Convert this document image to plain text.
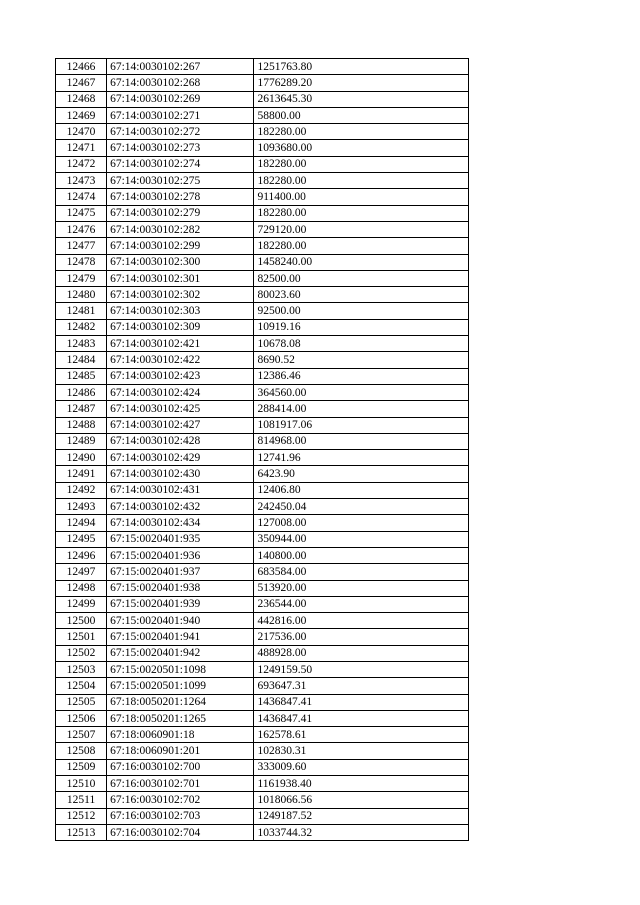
12466	67:14:0030102:267	1251763.80
12467	67:14:0030102:268	1776289.20
12468	67:14:0030102:269	2613645.30
12469	67:14:0030102:271	58800.00
12470	67:14:0030102:272	182280.00
12471	67:14:0030102:273	1093680.00
12472	67:14:0030102:274	182280.00
12473	67:14:0030102:275	182280.00
12474	67:14:0030102:278	911400.00
12475	67:14:0030102:279	182280.00
12476	67:14:0030102:282	729120.00
12477	67:14:0030102:299	182280.00
12478	67:14:0030102:300	1458240.00
12479	67:14:0030102:301	82500.00
12480	67:14:0030102:302	80023.60
12481	67:14:0030102:303	92500.00
12482	67:14:0030102:309	10919.16
12483	67:14:0030102:421	10678.08
12484	67:14:0030102:422	8690.52
12485	67:14:0030102:423	12386.46
12486	67:14:0030102:424	364560.00
12487	67:14:0030102:425	288414.00
12488	67:14:0030102:427	1081917.06
12489	67:14:0030102:428	814968.00
12490	67:14:0030102:429	12741.96
12491	67:14:0030102:430	6423.90
12492	67:14:0030102:431	12406.80
12493	67:14:0030102:432	242450.04
12494	67:14:0030102:434	127008.00
12495	67:15:0020401:935	350944.00
12496	67:15:0020401:936	140800.00
12497	67:15:0020401:937	683584.00
12498	67:15:0020401:938	513920.00
12499	67:15:0020401:939	236544.00
12500	67:15:0020401:940	442816.00
12501	67:15:0020401:941	217536.00
12502	67:15:0020401:942	488928.00
12503	67:15:0020501:1098	1249159.50
12504	67:15:0020501:1099	693647.31
12505	67:18:0050201:1264	1436847.41
12506	67:18:0050201:1265	1436847.41
12507	67:18:0060901:18	162578.61
12508	67:18:0060901:201	102830.31
12509	67:16:0030102:700	333009.60
12510	67:16:0030102:701	1161938.40
12511	67:16:0030102:702	1018066.56
12512	67:16:0030102:703	1249187.52
12513	67:16:0030102:704	1033744.32
